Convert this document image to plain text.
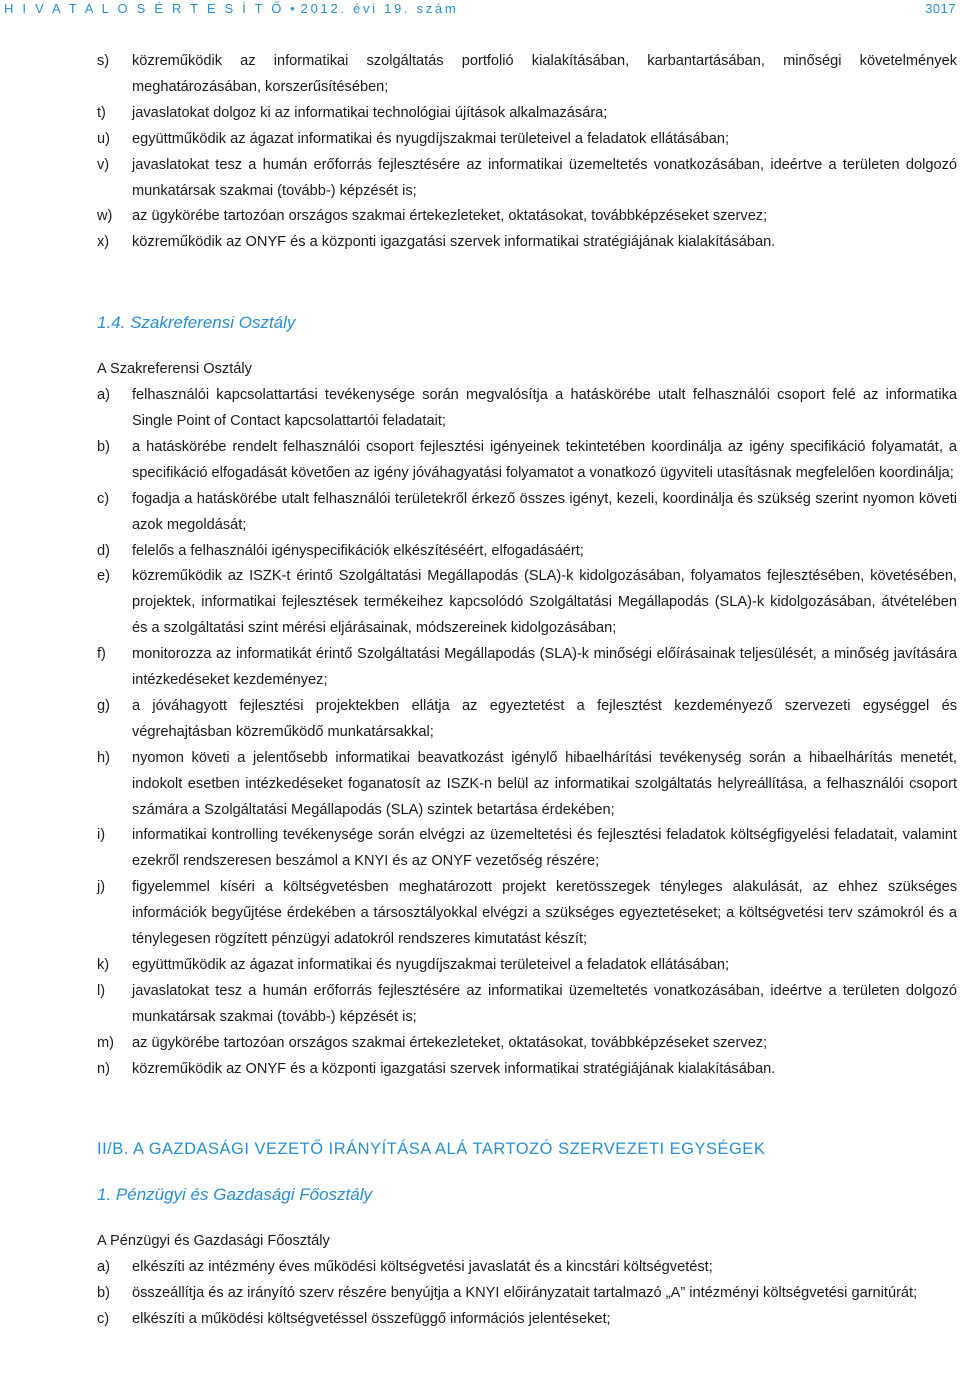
H I V A T A L O S É R T E S Í T Ő • 2012. évi 19. szám	3017
s)	közreműködik az informatikai szolgáltatás portfolió kialakításában, karbantartásában, minőségi követelmények meghatározásában, korszerűsítésében;
t)	javaslatokat dolgoz ki az informatikai technológiai újítások alkalmazására;
u)	együttműködik az ágazat informatikai és nyugdíjszakmai területeivel a feladatok ellátásában;
v)	javaslatokat tesz a humán erőforrás fejlesztésére az informatikai üzemeltetés vonatkozásában, ideértve a területen dolgozó munkatársak szakmai (tovább-) képzését is;
w)	az ügykörébe tartozóan országos szakmai értekezleteket, oktatásokat, továbbképzéseket szervez;
x)	közreműködik az ONYF és a központi igazgatási szervek informatikai stratégiájának kialakításában.
1.4. Szakreferensi Osztály
A Szakreferensi Osztály
a)	felhasználói kapcsolattartási tevékenysége során megvalósítja a hatáskörébe utalt felhasználói csoport felé az informatika Single Point of Contact kapcsolattartói feladatait;
b)	a hatáskörébe rendelt felhasználói csoport fejlesztési igényeinek tekintetében koordinálja az igény specifikáció folyamatát, a specifikáció elfogadását követően az igény jóváhagyatási folyamatot a vonatkozó ügyviteli utasításnak megfelelően koordinálja;
c)	fogadja a hatáskörébe utalt felhasználói területekről érkező összes igényt, kezeli, koordinálja és szükség szerint nyomon követi azok megoldását;
d)	felelős a felhasználói igényspecifikációk elkészítéséért, elfogadásáért;
e)	közreműködik az ISZK-t érintő Szolgáltatási Megállapodás (SLA)-k kidolgozásában, folyamatos fejlesztésében, követésében, projektek, informatikai fejlesztések termékeihez kapcsolódó Szolgáltatási Megállapodás (SLA)-k kidolgozásában, átvételében és a szolgáltatási szint mérési eljárásainak, módszereinek kidolgozásában;
f)	monitorozza az informatikát érintő Szolgáltatási Megállapodás (SLA)-k minőségi előírásainak teljesülését, a minőség javítására intézkedéseket kezdeményez;
g)	a jóváhagyott fejlesztési projektekben ellátja az egyeztetést a fejlesztést kezdeményező szervezeti egységgel és végrehajtásban közreműködő munkatársakkal;
h)	nyomon követi a jelentősebb informatikai beavatkozást igénylő hibaelhárítási tevékenység során a hibaelhárítás menetét, indokolt esetben intézkedéseket foganatosít az ISZK-n belül az informatikai szolgáltatás helyreállítása, a felhasználói csoport számára a Szolgáltatási Megállapodás (SLA) szintek betartása érdekében;
i)	informatikai kontrolling tevékenysége során elvégzi az üzemeltetési és fejlesztési feladatok költségfigyelési feladatait, valamint ezekről rendszeresen beszámol a KNYI és az ONYF vezetőség részére;
j)	figyelemmel kíséri a költségvetésben meghatározott projekt keretösszegek tényleges alakulását, az ehhez szükséges információk begyűjtése érdekében a társosztályokkal elvégzi a szükséges egyeztetéseket; a költségvetési terv számokról és a ténylegesen rögzített pénzügyi adatokról rendszeres kimutatást készít;
k)	együttműködik az ágazat informatikai és nyugdíjszakmai területeivel a feladatok ellátásában;
l)	javaslatokat tesz a humán erőforrás fejlesztésére az informatikai üzemeltetés vonatkozásában, ideértve a területen dolgozó munkatársak szakmai (tovább-) képzését is;
m)	az ügykörébe tartozóan országos szakmai értekezleteket, oktatásokat, továbbképzéseket szervez;
n)	közreműködik az ONYF és a központi igazgatási szervek informatikai stratégiájának kialakításában.
II/B. A GAZDASÁGI VEZETŐ IRÁNYÍTÁSA ALÁ TARTOZÓ SZERVEZETI EGYSÉGEK
1. Pénzügyi és Gazdasági Főosztály
A Pénzügyi és Gazdasági Főosztály
a)	elkészíti az intézmény éves működési költségvetési javaslatát és a kincstári költségvetést;
b)	összeállítja és az irányító szerv részére benyújtja a KNYI előirányzatait tartalmazó „A” intézményi költségvetési garnitúrát;
c)	elkészíti a működési költségvetéssel összefüggő információs jelentéseket;
